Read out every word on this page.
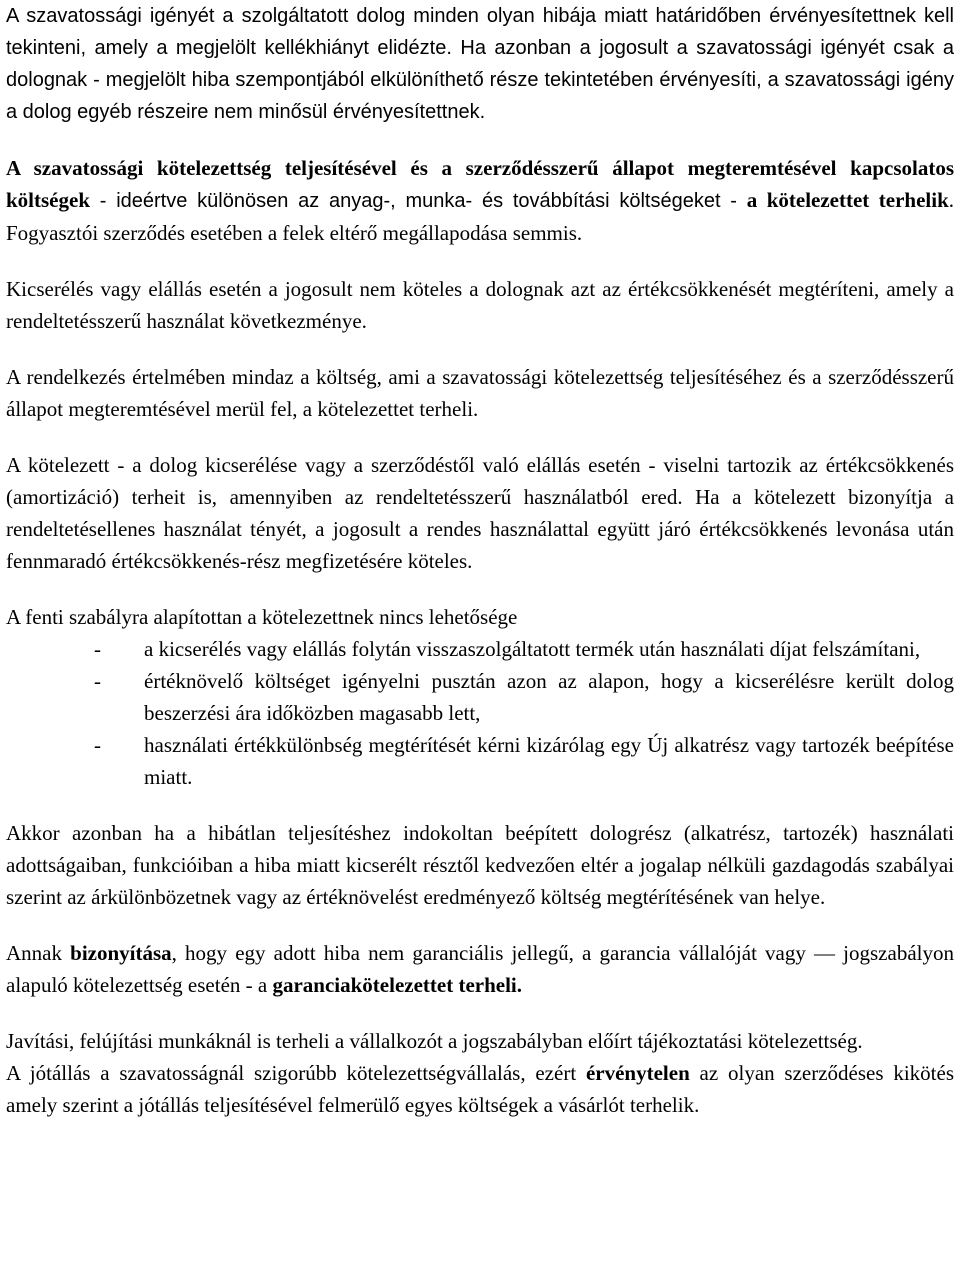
A szavatossági igényét a szolgáltatott dolog minden olyan hibája miatt határidőben érvényesítettnek kell tekinteni, amely a megjelölt kellékhiányt elidézte. Ha azonban a jogosult a szavatossági igényét csak a dolognak - megjelölt hiba szempontjából elkülöníthető része tekintetében érvényesíti, a szavatossági igény a dolog egyéb részeire nem minősül érvényesítettnek.

A szavatossági kötelezettség teljesítésével és a szerződésszerű állapot megteremtésével kapcsolatos költségek - ideértve különösen az anyag-, munka- és továbbítási költségeket - a kötelezettet terhelik. Fogyasztói szerződés esetében a felek eltérő megállapodása semmis.

Kicserélés vagy elállás esetén a jogosult nem köteles a dolognak azt az értékcsökkenését megtéríteni, amely a rendeltetésszerű használat következménye.

A rendelkezés értelmében mindaz a költség, ami a szavatossági kötelezettség teljesítéséhez és a szerződésszerű állapot megteremtésével merül fel, a kötelezettet terheli.

A kötelezett - a dolog kicserélése vagy a szerződéstől való elállás esetén - viselni tartozik az értékcsökkenés (amortizáció) terheit is, amennyiben az rendeltetésszerű használatból ered. Ha a kötelezett bizonyítja a rendeltetésellenes használat tényét, a jogosult a rendes használattal együtt járó értékcsökkenés levonása után fennmaradó értékcsökkenés-rész megfizetésére köteles.

A fenti szabályra alapítottan a kötelezettnek nincs lehetősége

- a kicserélés vagy elállás folytán visszaszolgáltatott termék után használati díjat felszámítani,
- értéknövelő költséget igényelni pusztán azon az alapon, hogy a kicserélésre került dolog beszerzési ára időközben magasabb lett,
- használati értékkülönbség megtérítését kérni kizárólag egy Új alkatrész vagy tartozék beépítése miatt.

Akkor azonban ha a hibátlan teljesítéshez indokoltan beépített dologrész (alkatrész, tartozék) használati adottságaiban, funkcióiban a hiba miatt kicserélt résztől kedvezően eltér a jogalap nélküli gazdagodás szabályai szerint az árkülönbözetnek vagy az értéknövelést eredményező költség megtérítésének van helye.

Annak bizonyítása, hogy egy adott hiba nem garanciális jellegű, a garancia vállalóját vagy — jogszabályon alapuló kötelezettség esetén - a garanciakötelezettet terheli.

Javítási, felújítási munkáknál is terheli a vállalkozót a jogszabályban előírt tájékoztatási kötelezettség.

A jótállás a szavatosságnál szigorúbb kötelezettségvállalás, ezért érvénytelen az olyan szerződéses kikötés amely szerint a jótállás teljesítésével felmerülő egyes költségek a vásárlót terhelik.
